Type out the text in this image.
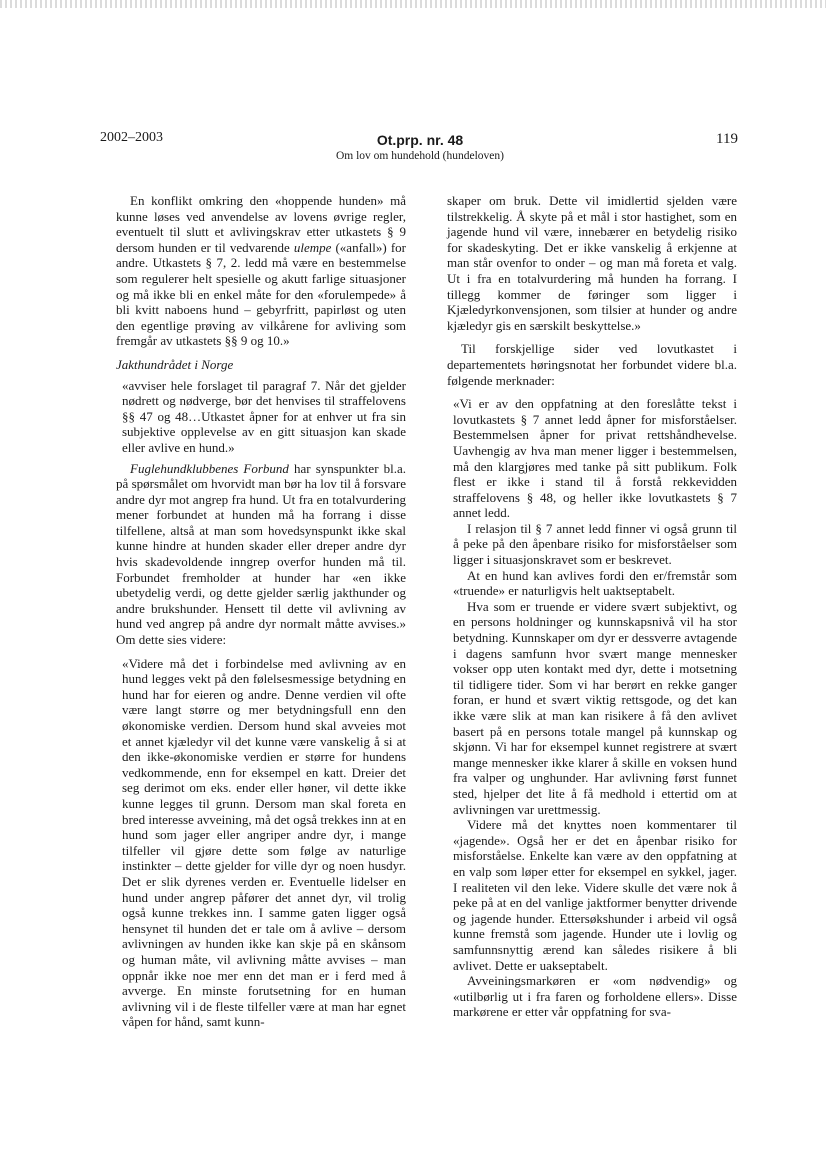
2002–2003	Ot.prp. nr. 48
Om lov om hundehold (hundeloven)
119

En konflikt omkring den «hoppende hunden» må kunne løses ved anvendelse av lovens øvrige regler, eventuelt til slutt et avlivingskrav etter utkastets § 9 dersom hunden er til vedvarende ulempe («anfall») for andre. Utkastets § 7, 2. ledd må være en bestemmelse som regulerer helt spesielle og akutt farlige situasjoner og må ikke bli en enkel måte for den «forulempede» å bli kvitt naboens hund – gebyrfritt, papirløst og uten den egentlige prøving av vilkårene for avliving som fremgår av utkastets §§ 9 og 10.»

Jakthundrådet i Norge

«avviser hele forslaget til paragraf 7. Når det gjelder nødrett og nødverge, bør det henvises til straffelovens §§ 47 og 48…Utkastet åpner for at enhver ut fra sin subjektive opplevelse av en gitt situasjon kan skade eller avlive en hund.»

Fuglehundklubbenes Forbund har synspunkter bl.a. på spørsmålet om hvorvidt man bør ha lov til å forsvare andre dyr mot angrep fra hund. Ut fra en totalvurdering mener forbundet at hunden må ha forrang i disse tilfellene, altså at man som hovedsynspunkt ikke skal kunne hindre at hunden skader eller dreper andre dyr hvis skadevoldende inngrep overfor hunden må til. Forbundet fremholder at hunder har «en ikke ubetydelig verdi, og dette gjelder særlig jakthunder og andre brukshunder. Hensett til dette vil avlivning av hund ved angrep på andre dyr normalt måtte avvises.» Om dette sies videre:

«Videre må det i forbindelse med avlivning av en hund legges vekt på den følelsesmessige betydning en hund har for eieren og andre. Denne verdien vil ofte være langt større og mer betydningsfull enn den økonomiske verdien. Dersom hund skal avveies mot et annet kjæledyr vil det kunne være vanskelig å si at den ikke-økonomiske verdien er større for hundens vedkommende, enn for eksempel en katt. Dreier det seg derimot om eks. ender eller høner, vil dette ikke kunne legges til grunn. Dersom man skal foreta en bred interesse avveining, må det også trekkes inn at en hund som jager eller angriper andre dyr, i mange tilfeller vil gjøre dette som følge av naturlige instinkter – dette gjelder for ville dyr og noen husdyr. Det er slik dyrenes verden er. Eventuelle lidelser en hund under angrep påfører det annet dyr, vil trolig også kunne trekkes inn. I samme gaten ligger også hensynet til hunden det er tale om å avlive – dersom avlivningen av hunden ikke kan skje på en skånsom og human måte, vil avlivning måtte avvises – man oppnår ikke noe mer enn det man er i ferd med å avverge. En minste forutsetning for en human avlivning vil i de fleste tilfeller være at man har egnet våpen for hånd, samt kunn-

skaper om bruk. Dette vil imidlertid sjelden være tilstrekkelig. Å skyte på et mål i stor hastighet, som en jagende hund vil være, innebærer en betydelig risiko for skadeskyting. Det er ikke vanskelig å erkjenne at man står ovenfor to onder – og man må foreta et valg. Ut i fra en totalvurdering må hunden ha forrang. I tillegg kommer de føringer som ligger i Kjæledyrkonvensjonen, som tilsier at hunder og andre kjæledyr gis en særskilt beskyttelse.»

Til forskjellige sider ved lovutkastet i departementets høringsnotat her forbundet videre bl.a. følgende merknader:

«Vi er av den oppfatning at den foreslåtte tekst i lovutkastets § 7 annet ledd åpner for misforståelser. Bestemmelsen åpner for privat rettshåndhevelse. Uavhengig av hva man mener ligger i bestemmelsen, må den klargjøres med tanke på sitt publikum. Folk flest er ikke i stand til å forstå rekkevidden straffelovens § 48, og heller ikke lovutkastets § 7 annet ledd.

I relasjon til § 7 annet ledd finner vi også grunn til å peke på den åpenbare risiko for misforståelser som ligger i situasjonskravet som er beskrevet.

At en hund kan avlives fordi den er/fremstår som «truende» er naturligvis helt uaktseptabelt.

Hva som er truende er videre svært subjektivt, og en persons holdninger og kunnskapsnivå vil ha stor betydning. Kunnskaper om dyr er dessverre avtagende i dagens samfunn hvor svært mange mennesker vokser opp uten kontakt med dyr, dette i motsetning til tidligere tider. Som vi har berørt en rekke ganger foran, er hund et svært viktig rettsgode, og det kan ikke være slik at man kan risikere å få den avlivet basert på en persons totale mangel på kunnskap og skjønn. Vi har for eksempel kunnet registrere at svært mange mennesker ikke klarer å skille en voksen hund fra valper og unghunder. Har avlivning først funnet sted, hjelper det lite å få medhold i ettertid om at avlivningen var urettmessig.

Videre må det knyttes noen kommentarer til «jagende». Også her er det en åpenbar risiko for misforståelse. Enkelte kan være av den oppfatning at en valp som løper etter for eksempel en sykkel, jager. I realiteten vil den leke. Videre skulle det være nok å peke på at en del vanlige jaktformer benytter drivende og jagende hunder. Ettersøkshunder i arbeid vil også kunne fremstå som jagende. Hunder ute i lovlig og samfunnsnyttig ærend kan således risikere å bli avlivet. Dette er uakseptabelt.

Avveiningsmarkøren er «om nødvendig» og «utilbørlig ut i fra faren og forholdene ellers». Disse markørene er etter vår oppfatning for sva-
